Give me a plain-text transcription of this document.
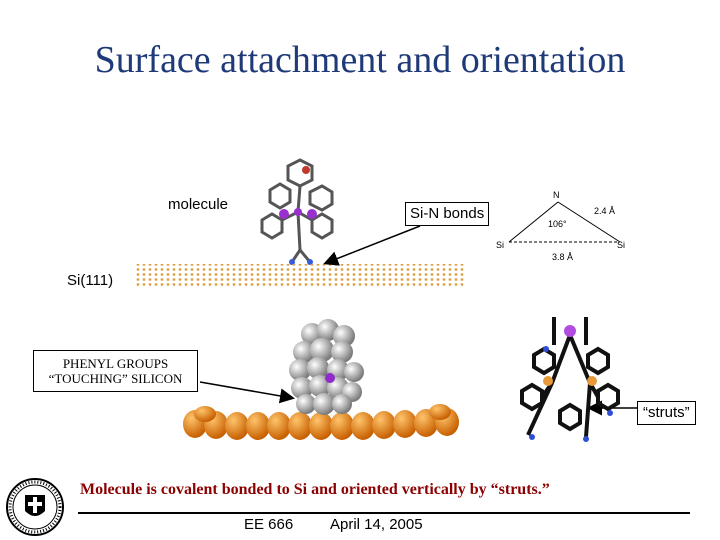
Surface attachment and orientation
molecule
Si(111)
Si-N bonds
N
Si	Si
106°
2.4 Å
3.8 Å
PHENYL GROUPS
“TOUCHING” SILICON
“struts”
Molecule is covalent bonded to Si and oriented vertically by “struts.”
EE 666 April 14, 2005
